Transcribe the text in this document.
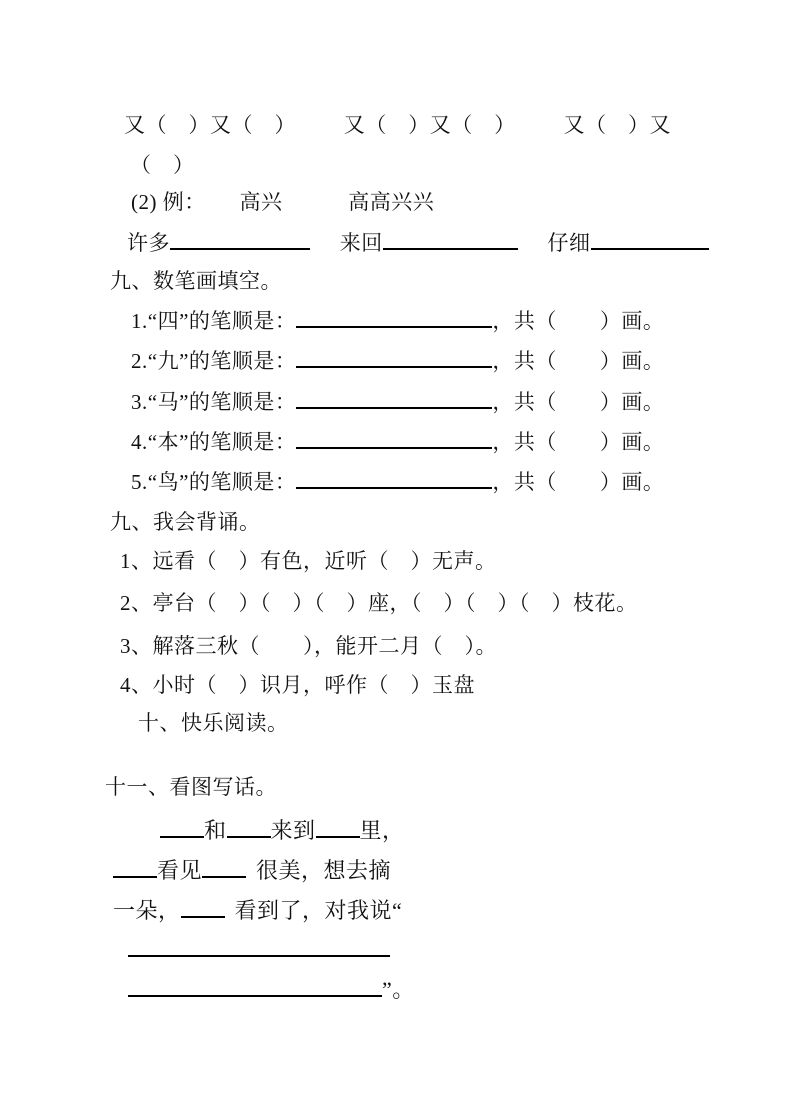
又（　）又（　） 又（　）又（　） 又（　）又
（　）
(2) 例： 高兴	高高兴兴
许多	来回	仔细
九、数笔画填空。
1.“四”的笔顺是：	，共（　　）画。
2.“九”的笔顺是：	，共（　　）画。
3.“马”的笔顺是：	，共（　　）画。
4.“本”的笔顺是：	，共（　　）画。
5.“鸟”的笔顺是：	，共（　　）画。
九、我会背诵。
1、远看（　）有色，近听（　）无声。
2、亭台（　）（　）（　）座，（　）（　）（　）枝花。
3、解落三秋（　　），能开二月（　）。
4、小时（　）识月，呼作（　）玉盘
十、快乐阅读。
十一、看图写话。
和 来到 里，
看见 很美，想去摘
一朵， 看到了，对我说“
”。
